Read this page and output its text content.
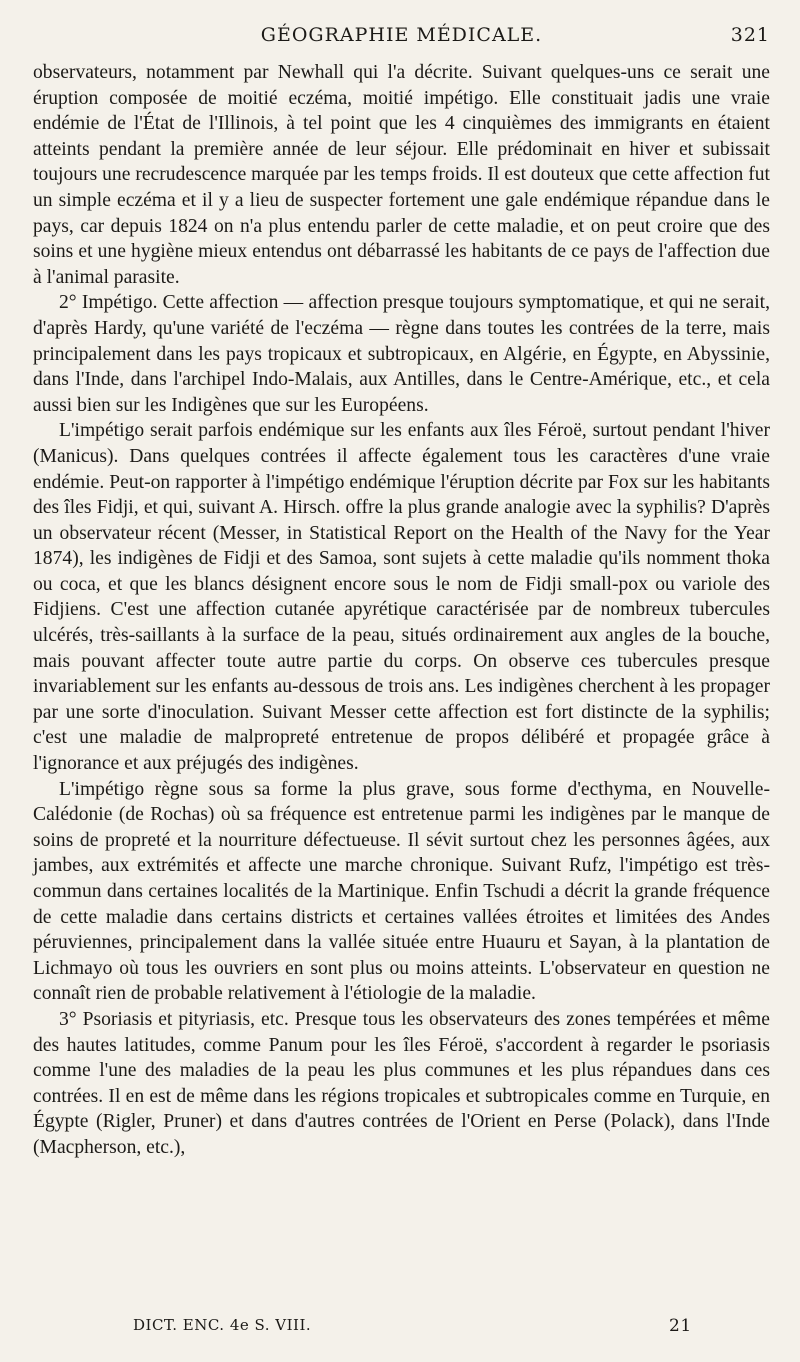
GÉOGRAPHIE MÉDICALE.	321

observateurs, notamment par Newhall qui l'a décrite. Suivant quelques-uns ce serait une éruption composée de moitié eczéma, moitié impétigo. Elle constituait jadis une vraie endémie de l'État de l'Illinois, à tel point que les 4 cinquièmes des immigrants en étaient atteints pendant la première année de leur séjour. Elle prédominait en hiver et subissait toujours une recrudescence marquée par les temps froids. Il est douteux que cette affection fut un simple eczéma et il y a lieu de suspecter fortement une gale endémique répandue dans le pays, car depuis 1824 on n'a plus entendu parler de cette maladie, et on peut croire que des soins et une hygiène mieux entendus ont débarrassé les habitants de ce pays de l'affection due à l'animal parasite.

2° Impétigo. Cette affection — affection presque toujours symptomatique, et qui ne serait, d'après Hardy, qu'une variété de l'eczéma — règne dans toutes les contrées de la terre, mais principalement dans les pays tropicaux et subtropicaux, en Algérie, en Égypte, en Abyssinie, dans l'Inde, dans l'archipel Indo-Malais, aux Antilles, dans le Centre-Amérique, etc., et cela aussi bien sur les Indigènes que sur les Européens.

L'impétigo serait parfois endémique sur les enfants aux îles Féroë, surtout pendant l'hiver (Manicus). Dans quelques contrées il affecte également tous les caractères d'une vraie endémie. Peut-on rapporter à l'impétigo endémique l'éruption décrite par Fox sur les habitants des îles Fidji, et qui, suivant A. Hirsch. offre la plus grande analogie avec la syphilis? D'après un observateur récent (Messer, in Statistical Report on the Health of the Navy for the Year 1874), les indigènes de Fidji et des Samoa, sont sujets à cette maladie qu'ils nomment thoka ou coca, et que les blancs désignent encore sous le nom de Fidji small-pox ou variole des Fidjiens. C'est une affection cutanée apyrétique caractérisée par de nombreux tubercules ulcérés, très-saillants à la surface de la peau, situés ordinairement aux angles de la bouche, mais pouvant affecter toute autre partie du corps. On observe ces tubercules presque invariablement sur les enfants au-dessous de trois ans. Les indigènes cherchent à les propager par une sorte d'inoculation. Suivant Messer cette affection est fort distincte de la syphilis; c'est une maladie de malpropreté entretenue de propos délibéré et propagée grâce à l'ignorance et aux préjugés des indigènes.

L'impétigo règne sous sa forme la plus grave, sous forme d'ecthyma, en Nouvelle-Calédonie (de Rochas) où sa fréquence est entretenue parmi les indigènes par le manque de soins de propreté et la nourriture défectueuse. Il sévit surtout chez les personnes âgées, aux jambes, aux extrémités et affecte une marche chronique. Suivant Rufz, l'impétigo est très-commun dans certaines localités de la Martinique. Enfin Tschudi a décrit la grande fréquence de cette maladie dans certains districts et certaines vallées étroites et limitées des Andes péruviennes, principalement dans la vallée située entre Huauru et Sayan, à la plantation de Lichmayo où tous les ouvriers en sont plus ou moins atteints. L'observateur en question ne connaît rien de probable relativement à l'étiologie de la maladie.

3° Psoriasis et pityriasis, etc. Presque tous les observateurs des zones tempérées et même des hautes latitudes, comme Panum pour les îles Féroë, s'accordent à regarder le psoriasis comme l'une des maladies de la peau les plus communes et les plus répandues dans ces contrées. Il en est de même dans les régions tropicales et subtropicales comme en Turquie, en Égypte (Rigler, Pruner) et dans d'autres contrées de l'Orient en Perse (Polack), dans l'Inde (Macpherson, etc.),

DICT. ENC. 4e S. VIII.	21
